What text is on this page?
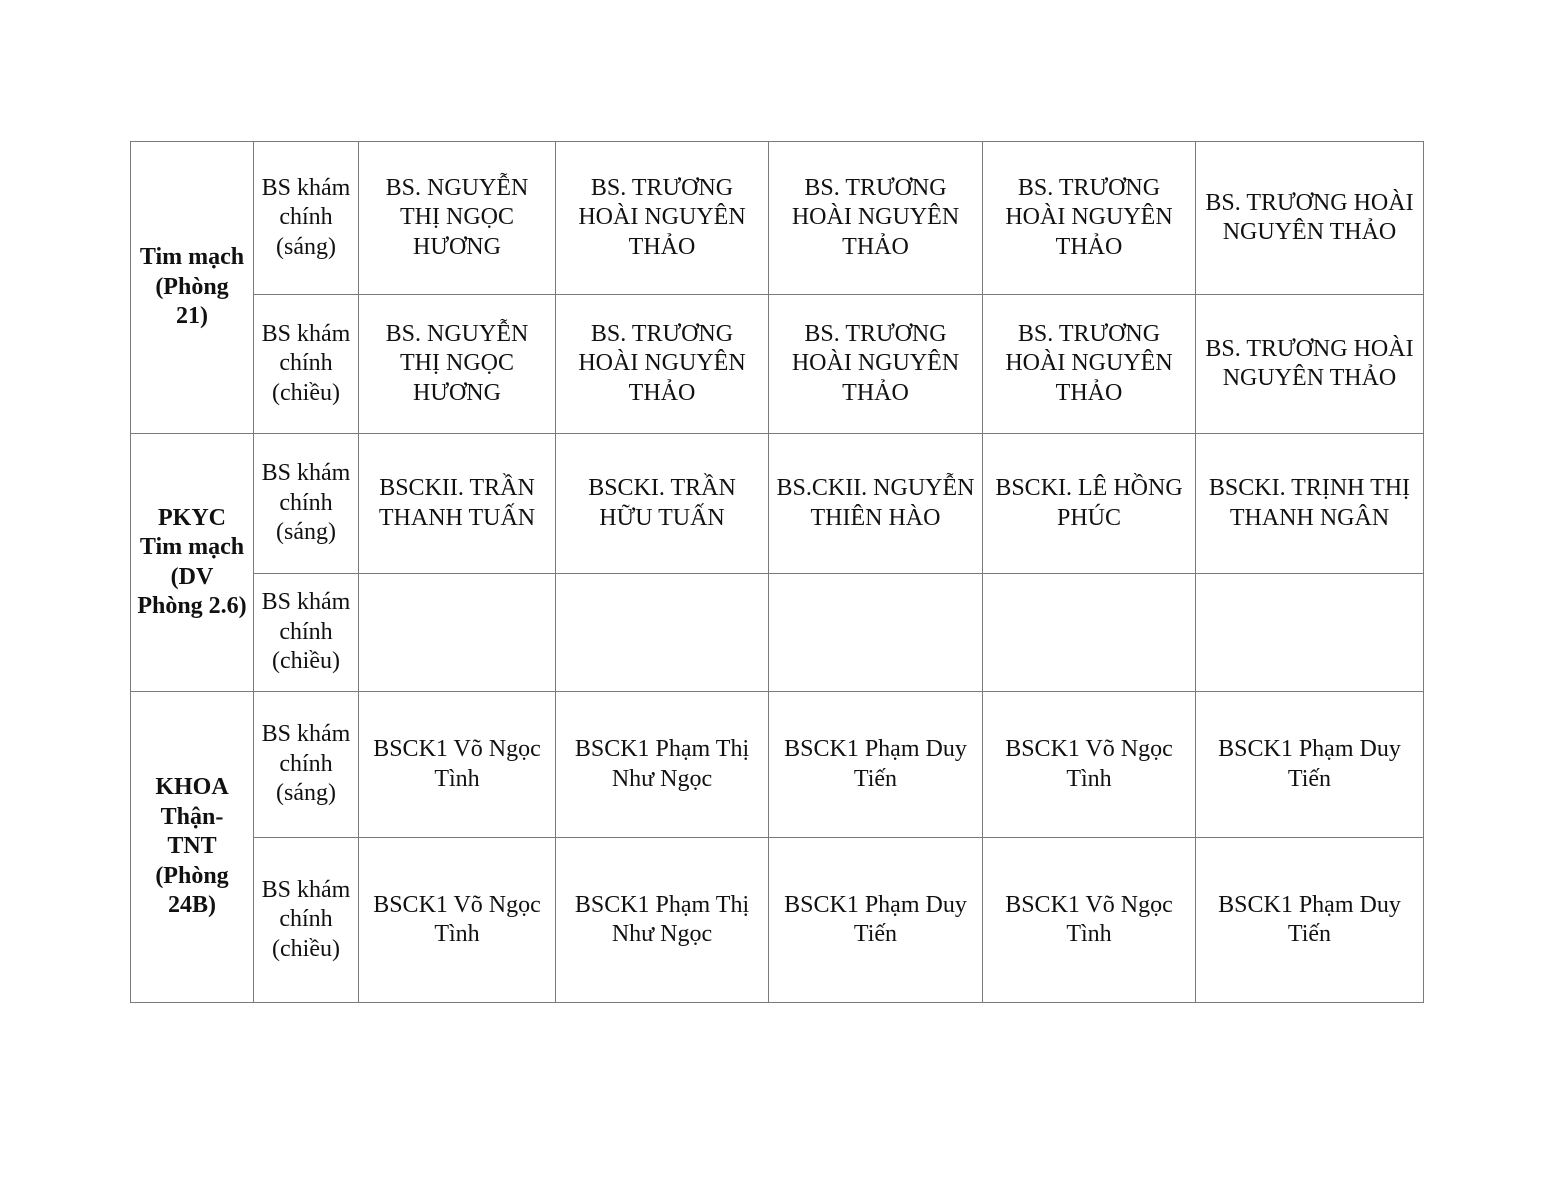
Tim mạch (Phòng 21)	BS khám chính (sáng)	BS. NGUYỄN THỊ NGỌC HƯƠNG	BS. TRƯƠNG HOÀI NGUYÊN THẢO	BS. TRƯƠNG HOÀI NGUYÊN THẢO	BS. TRƯƠNG HOÀI NGUYÊN THẢO	BS. TRƯƠNG HOÀI NGUYÊN THẢO
	BS khám chính (chiều)	BS. NGUYỄN THỊ NGỌC HƯƠNG	BS. TRƯƠNG HOÀI NGUYÊN THẢO	BS. TRƯƠNG HOÀI NGUYÊN THẢO	BS. TRƯƠNG HOÀI NGUYÊN THẢO	BS. TRƯƠNG HOÀI NGUYÊN THẢO
PKYC Tim mạch (DV Phòng 2.6)	BS khám chính (sáng)	BSCKII. TRẦN THANH TUẤN	BSCKI. TRẦN HỮU TUẤN	BS.CKII. NGUYỄN THIÊN HÀO	BSCKI. LÊ HỒNG PHÚC	BSCKI. TRỊNH THỊ THANH NGÂN
	BS khám chính (chiều)					
KHOA Thận-TNT (Phòng 24B)	BS khám chính (sáng)	BSCK1 Võ Ngọc Tình	BSCK1 Phạm Thị Như Ngọc	BSCK1 Phạm Duy Tiến	BSCK1 Võ Ngọc Tình	BSCK1 Phạm Duy Tiến
	BS khám chính (chiều)	BSCK1 Võ Ngọc Tình	BSCK1 Phạm Thị Như Ngọc	BSCK1 Phạm Duy Tiến	BSCK1 Võ Ngọc Tình	BSCK1 Phạm Duy Tiến
